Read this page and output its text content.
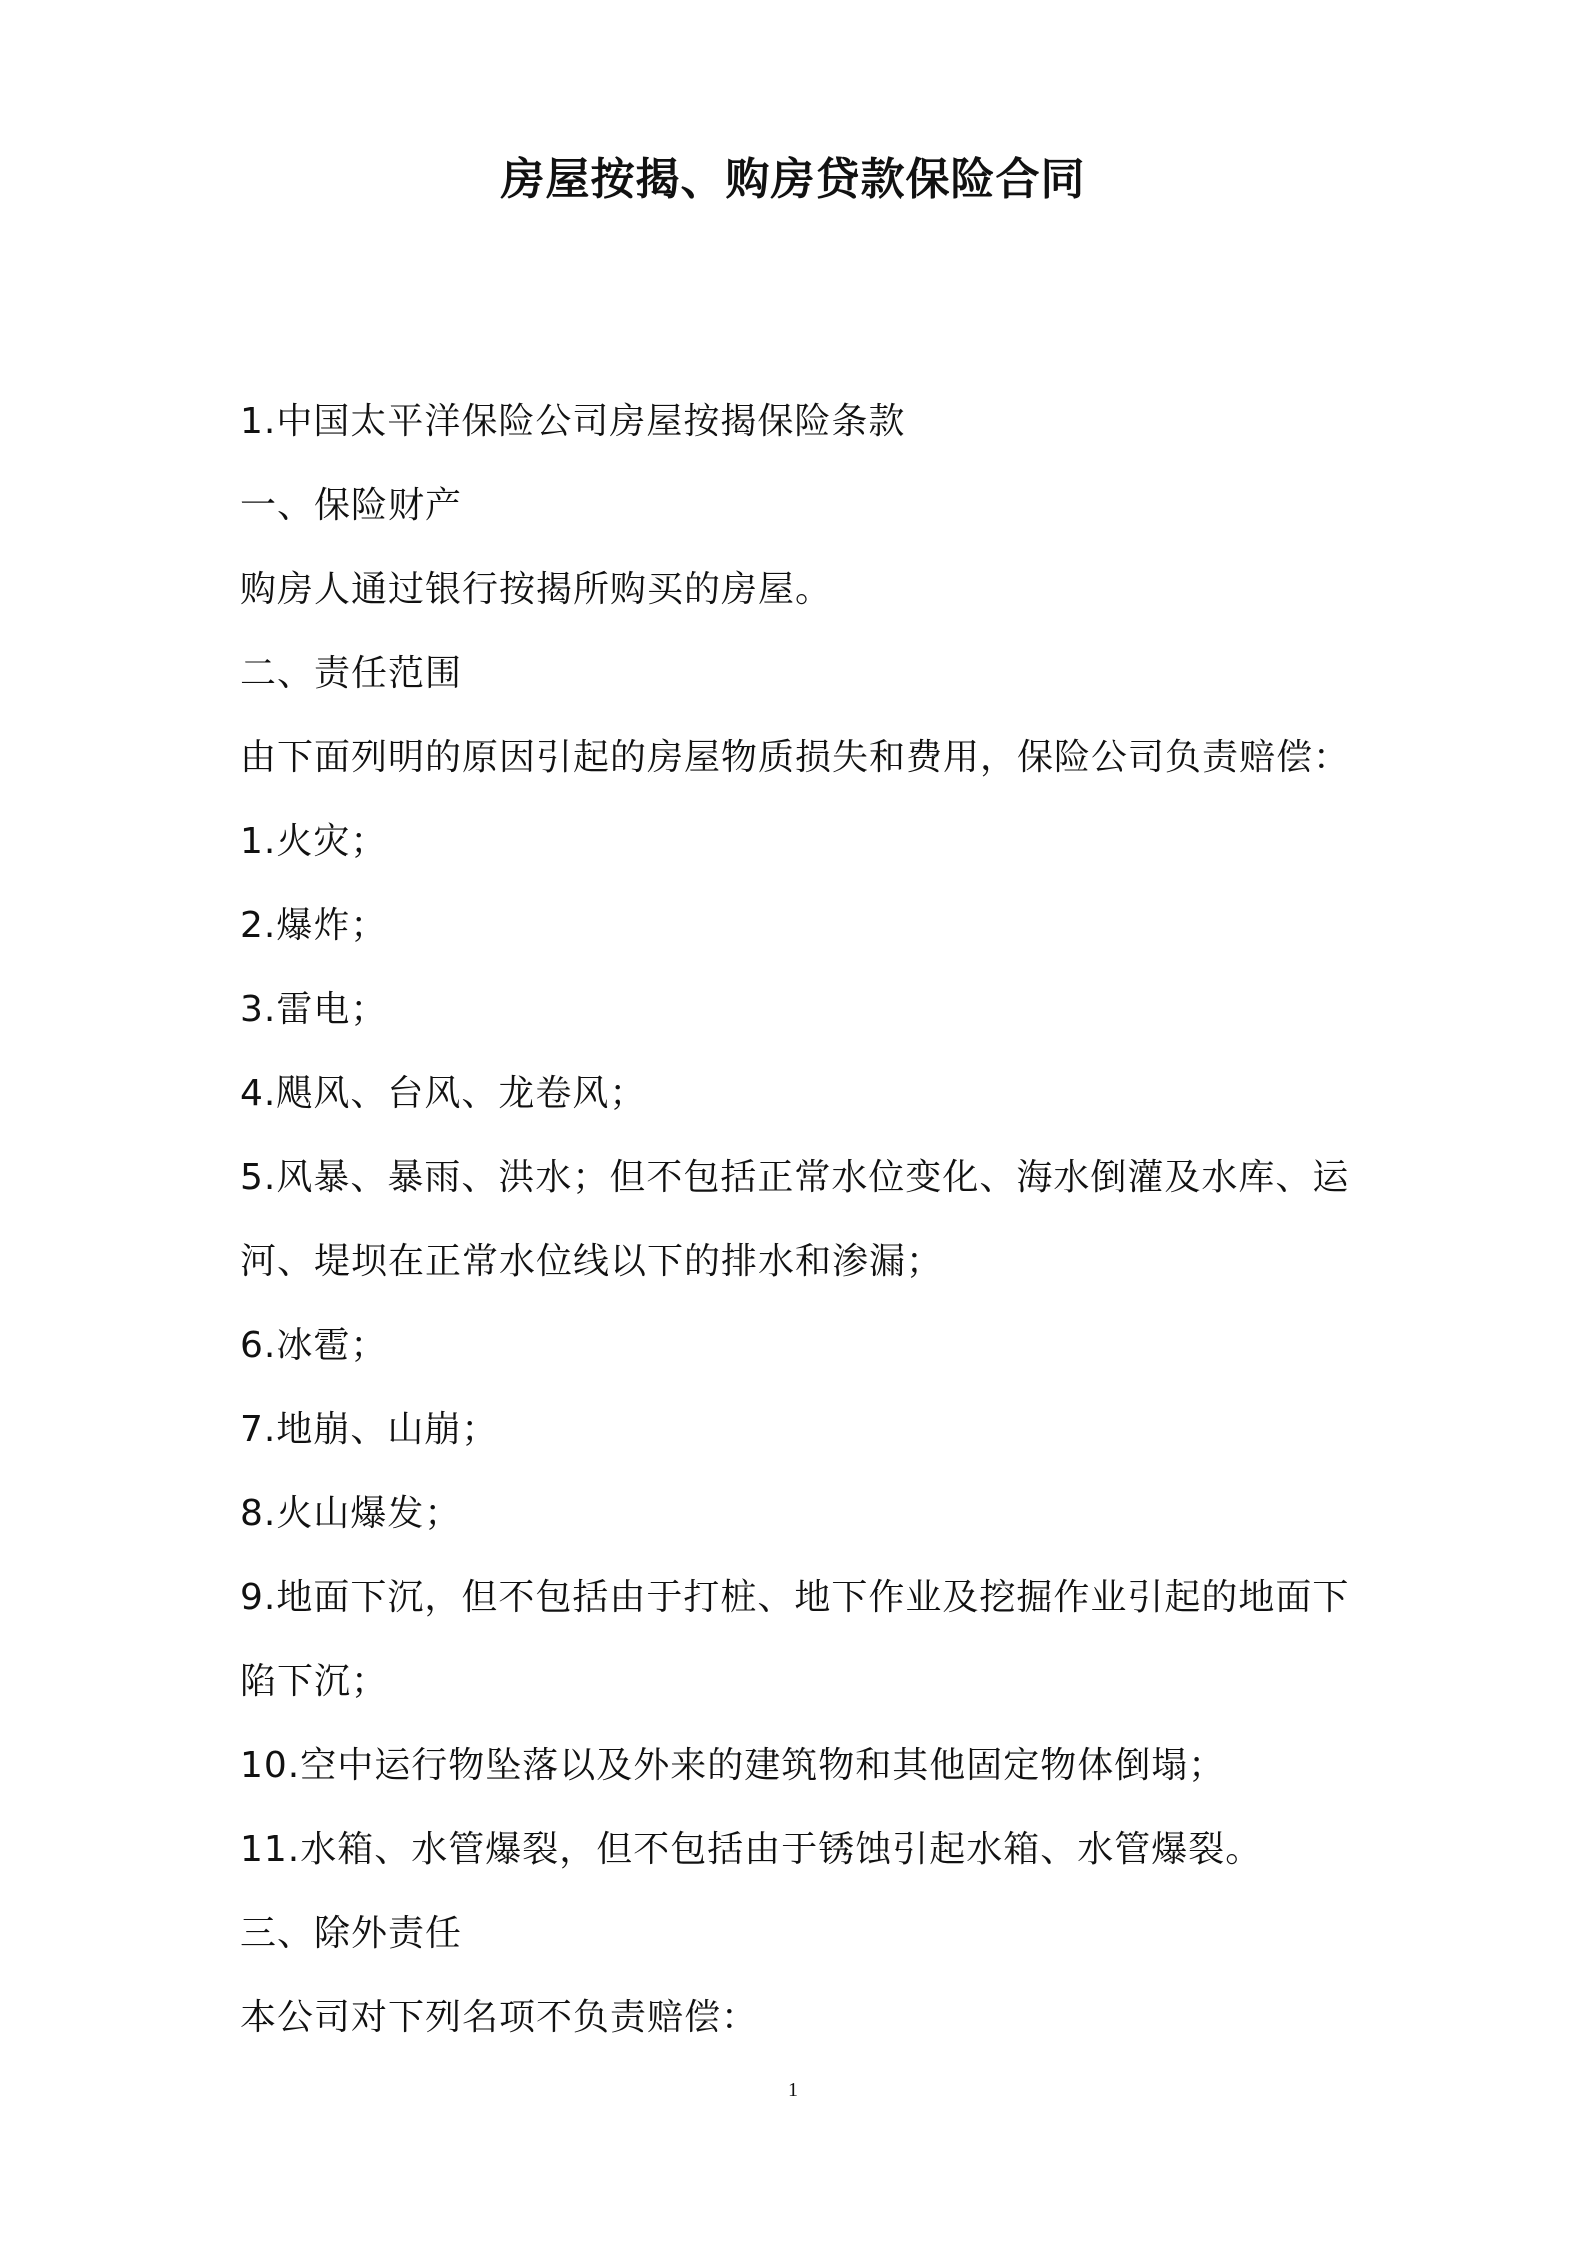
房屋按揭、购房贷款保险合同
1.中国太平洋保险公司房屋按揭保险条款
一、保险财产
购房人通过银行按揭所购买的房屋。
二、责任范围
由下面列明的原因引起的房屋物质损失和费用，保险公司负责赔偿：
1.火灾；
2.爆炸；
3.雷电；
4.飓风、台风、龙卷风；
5.风暴、暴雨、洪水；但不包括正常水位变化、海水倒灌及水库、运
河、堤坝在正常水位线以下的排水和渗漏；
6.冰雹；
7.地崩、山崩；
8.火山爆发；
9.地面下沉，但不包括由于打桩、地下作业及挖掘作业引起的地面下
陷下沉；
10.空中运行物坠落以及外来的建筑物和其他固定物体倒塌；
11.水箱、水管爆裂，但不包括由于锈蚀引起水箱、水管爆裂。
三、除外责任
本公司对下列名项不负责赔偿：
1
